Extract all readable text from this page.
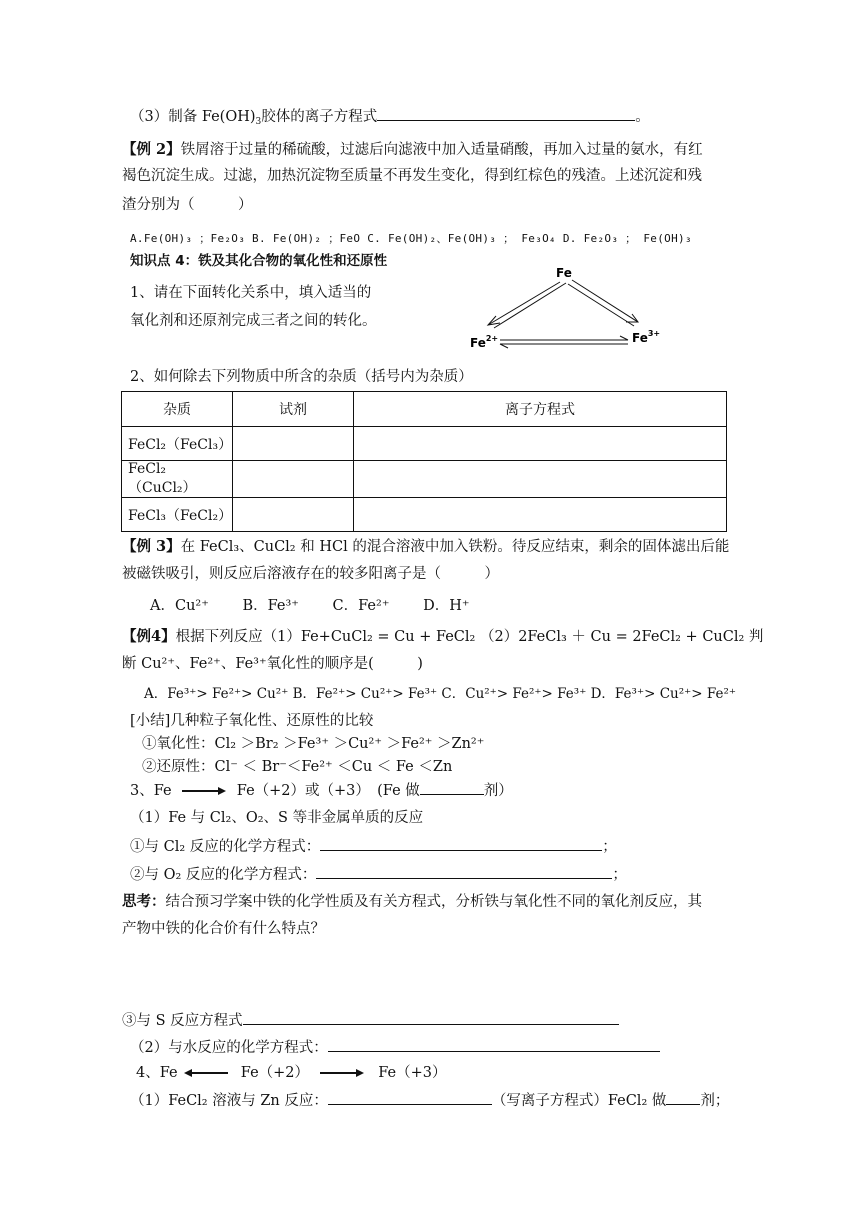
（3）制备 $Fe(OH)_3$胶体的离子方程式	。
【例 2】铁屑溶于过量的稀硫酸，过滤后向滤液中加入适量硝酸，再加入过量的氨水，有红
褐色沉淀生成。过滤，加热沉淀物至质量不再发生变化，得到红棕色的残渣。上述沉淀和残
渣分别为（　　　）
A.Fe(OH)₃ ；Fe₂O₃ B. Fe(OH)₂ ；FeO C. Fe(OH)₂、Fe(OH)₃ ； Fe₃O₄ D. Fe₂O₃ ； Fe(OH)₃
知识点 4：铁及其化合物的氧化性和还原性
1、请在下面转化关系中，填入适当的
氧化剂和还原剂完成三者之间的转化。
Fe
$Fe^{2+}$	$Fe^{3+}$
2、如何除去下列物质中所含的杂质（括号内为杂质）
杂质	试剂	离子方程式
FeCl₂（FeCl₃）		
FeCl₂（CuCl₂）		
FeCl₃（FeCl₂）		
【例 3】在 FeCl₃、CuCl₂ 和 HCl 的混合溶液中加入铁粉。待反应结束，剩余的固体滤出后能
被磁铁吸引，则反应后溶液存在的较多阳离子是（　　　）
A．Cu²⁺　　 B．Fe³⁺　　 C．Fe²⁺　　 D．H⁺
【例4】根据下列反应（1）Fe+CuCl₂ = Cu + FeCl₂ （2）2FeCl₃ ＋ Cu = 2FeCl₂ + CuCl₂ 判
断 Cu²⁺、Fe²⁺、Fe³⁺氧化性的顺序是(　　　)
A．Fe³⁺> Fe²⁺> Cu²⁺ B．Fe²⁺> Cu²⁺> Fe³⁺ C．Cu²⁺> Fe²⁺> Fe³⁺ D．Fe³⁺> Cu²⁺> Fe²⁺
[小结]几种粒子氧化性、还原性的比较
①氧化性：Cl₂ ＞Br₂ ＞Fe³⁺ ＞Cu²⁺ ＞Fe²⁺ ＞Zn²⁺
②还原性：Cl⁻ ＜ Br⁻＜Fe²⁺ ＜Cu ＜ Fe ＜Zn
3、Fe	Fe（+2）或（+3）　(Fe 做	剂）
（1）Fe 与 Cl₂、O₂、S 等非金属单质的反应
①与 Cl₂ 反应的化学方程式：	；
②与 O₂ 反应的化学方程式：	；
思考：结合预习学案中铁的化学性质及有关方程式，分析铁与氧化性不同的氧化剂反应，其
产物中铁的化合价有什么特点？
③与 S 反应方程式
（2）与水反应的化学方程式：
4、Fe	Fe（+2）	Fe（+3）
（1）FeCl₂ 溶液与 Zn 反应：	（写离子方程式）FeCl₂ 做 剂；
